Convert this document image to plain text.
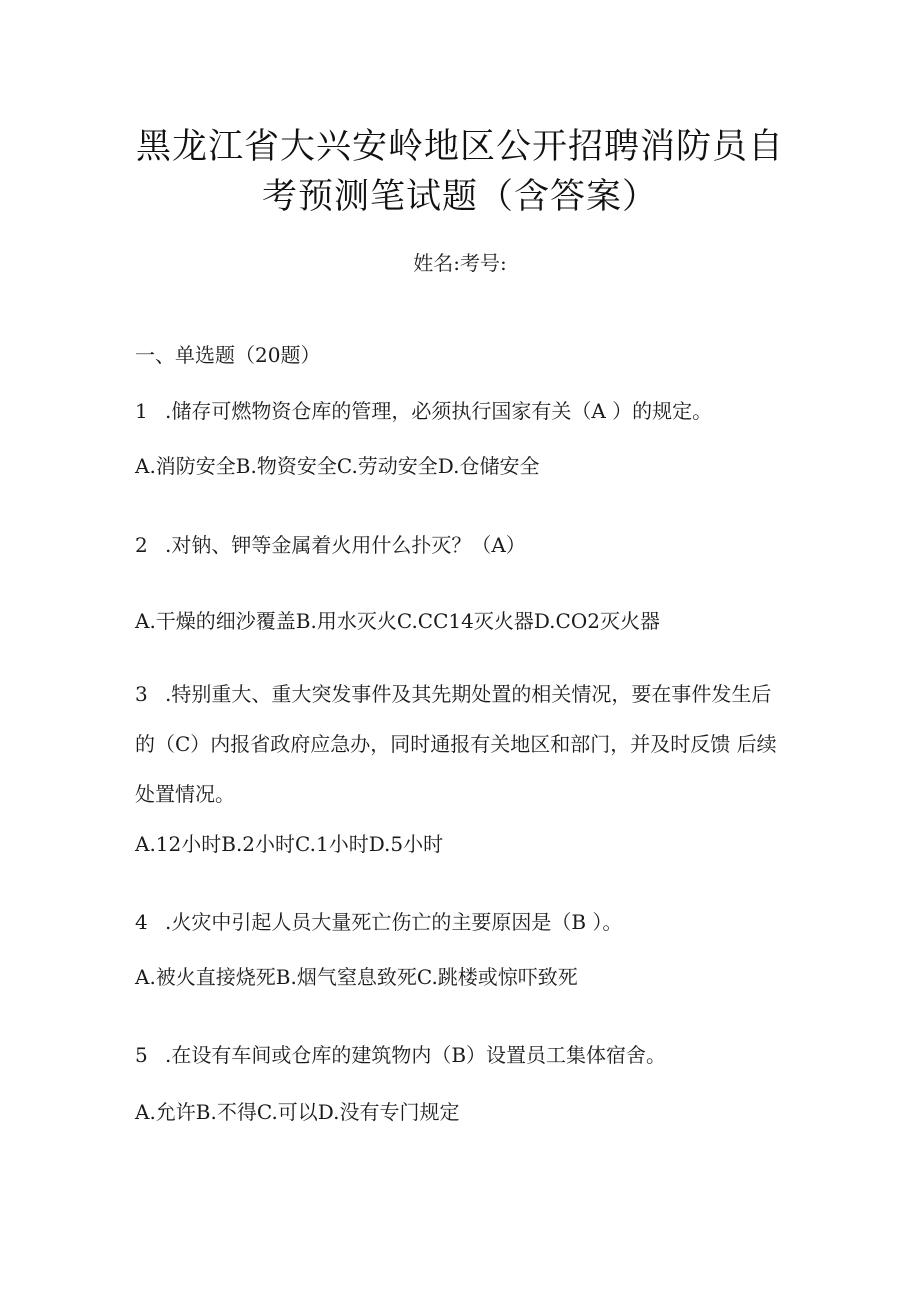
黑龙江省大兴安岭地区公开招聘消防员自
考预测笔试题（含答案）
姓名:考号:
一、单选题（20题）
1 .储存可燃物资仓库的管理，必须执行国家有关（A ）的规定。
A.消防安全B.物资安全C.劳动安全D.仓储安全
2 .对钠、钾等金属着火用什么扑灭？（A）
A.干燥的细沙覆盖B.用水灭火C.CC14灭火器D.CO2灭火器
3 .特别重大、重大突发事件及其先期处置的相关情况，要在事件发生后
的（C）内报省政府应急办，同时通报有关地区和部门，并及时反馈 后续
处置情况。
A.12小时B.2小时C.1小时D.5小时
4 .火灾中引起人员大量死亡伤亡的主要原因是（B ）。
A.被火直接烧死B.烟气窒息致死C.跳楼或惊吓致死
5 .在设有车间或仓库的建筑物内（B）设置员工集体宿舍。
A.允许B.不得C.可以D.没有专门规定
